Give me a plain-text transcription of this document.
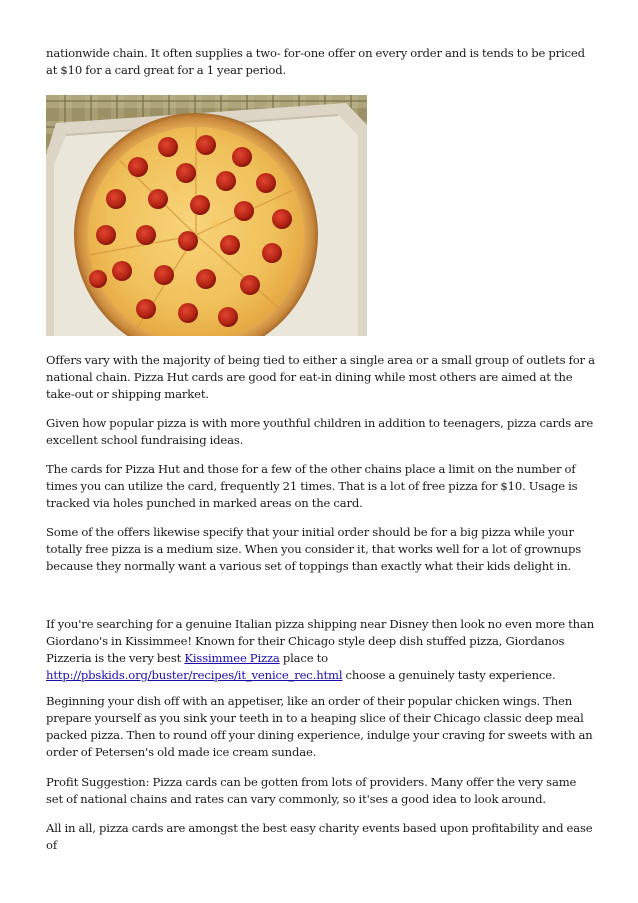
nationwide chain. It often supplies a two- for-one offer on every order and is tends to be priced at $10 for a card great for a 1 year period.

Offers vary with the majority of being tied to either a single area or a small group of outlets for a national chain. Pizza Hut cards are good for eat-in dining while most others are aimed at the take-out or shipping market.

Given how popular pizza is with more youthful children in addition to teenagers, pizza cards are excellent school fundraising ideas.

The cards for Pizza Hut and those for a few of the other chains place a limit on the number of times you can utilize the card, frequently 21 times. That is a lot of free pizza for $10. Usage is tracked via holes punched in marked areas on the card.

Some of the offers likewise specify that your initial order should be for a big pizza while your totally free pizza is a medium size. When you consider it, that works well for a lot of grownups because they normally want a various set of toppings than exactly what their kids delight in.

If you're searching for a genuine Italian pizza shipping near Disney then look no even more than Giordano's in Kissimmee! Known for their Chicago style deep dish stuffed pizza, Giordanos Pizzeria is the very best Kissimmee Pizza place to http://pbskids.org/buster/recipes/it_venice_rec.html choose a genuinely tasty experience.

Beginning your dish off with an appetiser, like an order of their popular chicken wings. Then prepare yourself as you sink your teeth in to a heaping slice of their Chicago classic deep meal packed pizza. Then to round off your dining experience, indulge your craving for sweets with an order of Petersen's old made ice cream sundae.

Profit Suggestion: Pizza cards can be gotten from lots of providers. Many offer the very same set of national chains and rates can vary commonly, so it'ses a good idea to look around.

All in all, pizza cards are amongst the best easy charity events based upon profitability and ease of
